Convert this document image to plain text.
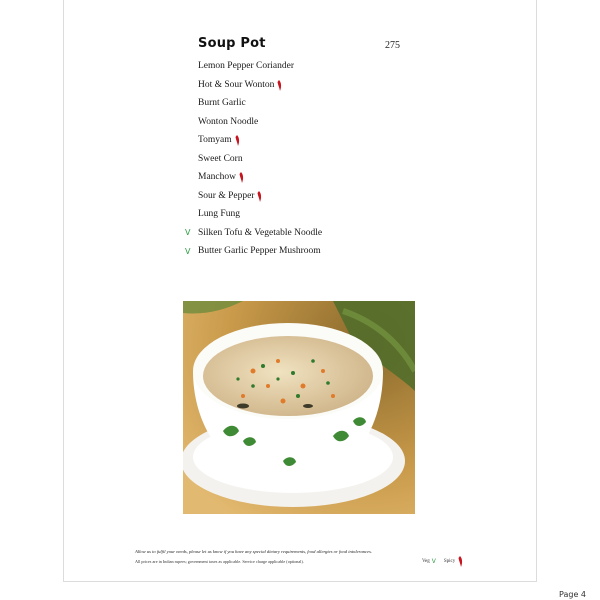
Soup Pot	275
Lemon Pepper Coriander
Hot & Sour Wonton
Burnt Garlic
Wonton Noodle
Tomyam
Sweet Corn
Manchow
Sour & Pepper
Lung Fung
V Silken Tofu & Vegetable Noodle
V Butter Garlic Pepper Mushroom
Allow us to fulfil your needs, please let us know if you have any special dietary requirements, food allergies or food intolerances.
All prices are in Indian rupees; government taxes as applicable. Service charge applicable (optional).	Veg V Spicy
Page 4
